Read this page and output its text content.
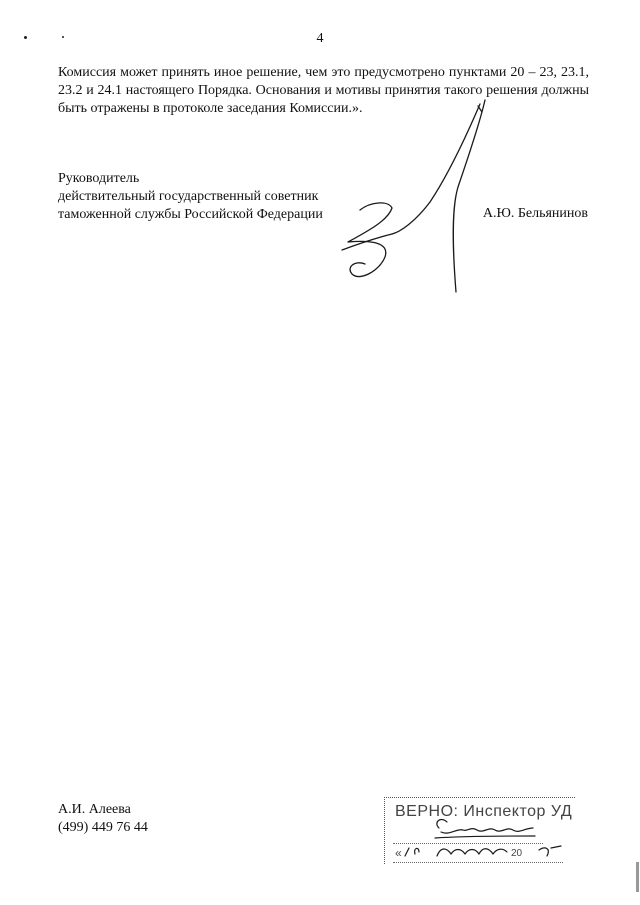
4
Комиссия может принять иное решение, чем это предусмотрено пунктами 20 – 23, 23.1, 23.2 и 24.1 настоящего Порядка. Основания и мотивы принятия такого решения должны быть отражены в протоколе заседания Комиссии.».
Руководитель
действительный государственный советник
таможенной службы Российской Федерации	А.Ю. Бельянинов
А.И. Алеева
(499) 449 76 44
ВЕРНО: Инспектор УД
«	20
